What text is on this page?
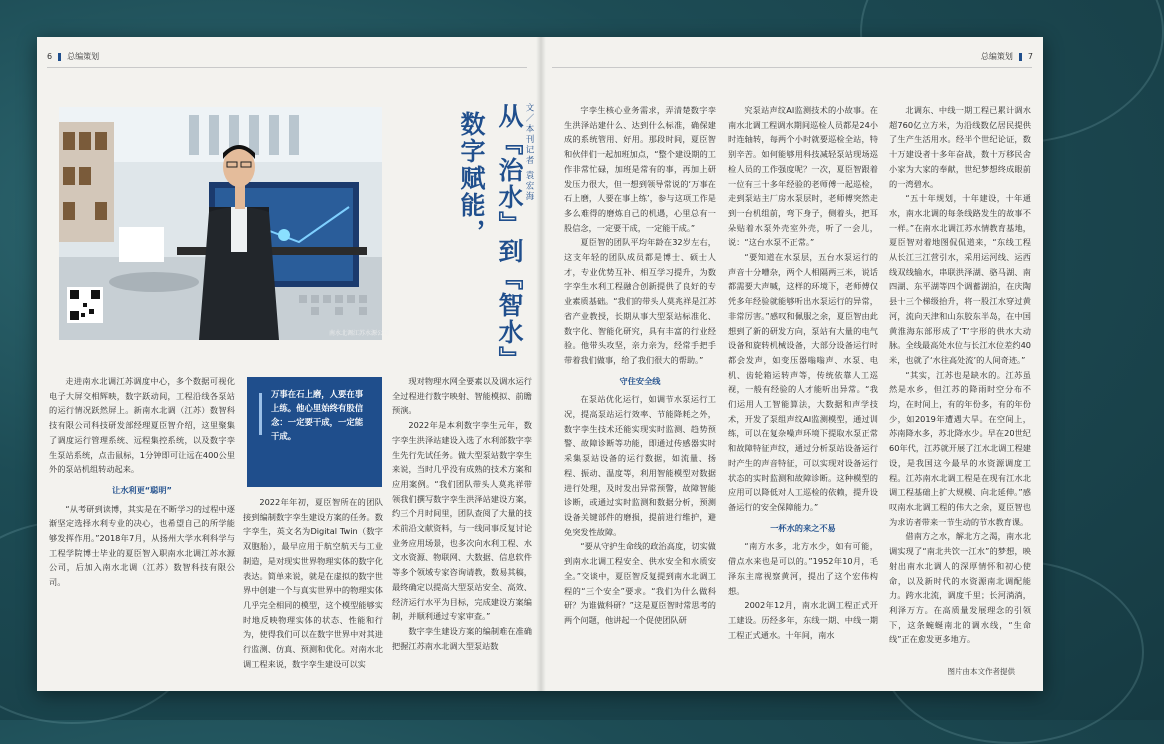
6 总编策划	总编策划 7
南水北调江苏水源公司	从『治水』到『智水』
数字赋能，	文／本刊记者 袁宏海

走进南水北调江苏调度中心，多个数据可视化电子大屏交相辉映，数字跃动间，工程沿线各泵站的运行情况跃然屏上。新南水北调（江苏）数智科技有限公司科技研发部经理夏臣智介绍，这里聚集了调度运行管理系统、远程集控系统，以及数字孪生泵站系统，点击鼠标，1分钟即可让远在400公里外的泵站机组转动起来。

让水利更“聪明”

“从考研到读博，其实是在不断学习的过程中逐渐坚定选择水利专业的决心，也希望自己的所学能够发挥作用。”2018年7月，从扬州大学水利科学与工程学院博士毕业的夏臣智入职南水北调江苏水源公司，后加入南水北调（江苏）数智科技有限公司。

万事在石上磨，人要在事上练。他心里始终有股信念：一定要干成，一定能干成。

2022年年初，夏臣智所在的团队接到编制数字孪生建设方案的任务。数字孪生，英文名为Digital Twin（数字双胞胎），最早应用于航空航天与工业制造，是对现实世界物理实体的数字化表达。简单来说，就是在虚拟的数字世界中创建一个与真实世界中的物理实体几乎完全相同的模型，这个模型能够实时地反映物理实体的状态、性能和行为，使得我们可以在数字世界中对其进行监测、仿真、预测和优化。对南水北调工程来说，数字孪生建设可以实

现对物理水网全要素以及调水运行全过程进行数字映射、智能模拟、前瞻预演。

2022年是本利数字孪生元年，数字孪生洪泽站建设入选了水利部数字孪生先行先试任务。做大型泵站数字孪生来说，当时几乎没有成熟的技术方案和应用案例。“我们团队带头人莫兆祥带领我们撰写数字孪生洪泽站建设方案，约三个月时间里，团队查阅了大量的技术前沿文献资料，与一线同事反复讨论业务应用场景，也多次向水利工程、水文水资源、物联网、大数据、信息软件等多个领域专家咨询请教，数易其稿，最终确定以提高大型泵站安全、高效、经济运行水平为目标，完成建设方案编制，并顺利通过专家审查。”

数字孪生建设方案的编制难在准确把握江苏南水北调大型泵站数

字孪生核心业务需求，弄清楚数字孪生洪泽站建什么、达到什么标准，确保建成的系统管用、好用。那段时间，夏臣智和伙伴们一起加班加点，“整个建设期的工作非常忙碌，加班是常有的事，再加上研发压力很大，但一想到领导常说的‘万事在石上磨，人要在事上练’，参与这项工作是多么难得的磨炼自己的机遇，心里总有一股信念，一定要干成，一定能干成。”

夏臣智的团队平均年龄在32岁左右，这支年轻的团队成员都是博士、硕士人才，专业优势互补、相互学习提升，为数字孪生水利工程融合创新提供了良好的专业素质基础。“我们的带头人莫兆祥是江苏省产业教授，长期从事大型泵站标准化、数字化、智能化研究，具有丰富的行业经验。他带头攻坚，亲力亲为，经常手把手带着我们做事，给了我们很大的帮助。”

守住安全线

在泵站优化运行，如调节水泵运行工况，提高泵站运行效率、节能降耗之外，数字孪生技术还能实现实时监测、趋势预警、故障诊断等功能，即通过传感器实时采集泵站设备的运行数据，如流量、扬程、振动、温度等，利用智能模型对数据进行处理，及时发出异常预警，故障智能诊断，或通过实时监测和数据分析，预测设备关键部件的磨损，提前进行维护，避免突发性故障。

“要从守护生命线的政治高度，切实做到南水北调工程安全、供水安全和水质安全。”交谈中，夏臣智反复提到南水北调工程的“三个安全”要求。“我们为什么做科研？为谁做科研？”这是夏臣智时常思考的两个问题，他讲起一个促使团队研

究泵站声纹AI监测技术的小故事。在南水北调工程调水期间巡检人员都是24小时连轴转，每两个小时就要巡检全站，特别辛苦。如何能够用科技减轻泵站现场巡检人员的工作强度呢？一次，夏臣智跟着一位有三十多年经验的老师傅一起巡检，走到泵站主厂房水泵层时，老师傅突然走到一台机组前，弯下身子，侧着头，把耳朵贴着水泵外壳室外壳，听了一会儿，说：“这台水泵不正常。”

“要知道在水泵层，五台水泵运行的声音十分嘈杂，两个人相隔两三米，说话都需要大声喊，这样的环境下，老师傅仅凭多年经验就能够听出水泵运行的异常，非常厉害。”感叹和佩服之余，夏臣智由此想到了新的研发方向，泵站有大量的电气设备和旋转机械设备，大部分设备运行时都会发声，如变压器嗡嗡声、水泵、电机、齿轮箱运转声等，传统依靠人工巡视，一般有经验的人才能听出异常。“我们运用人工智能算法，大数据和声学技术，开发了泵组声纹AI监测模型，通过训练，可以在复杂噪声环境下提取水泵正常和故障特征声纹，通过分析泵站设备运行时产生的声音特征，可以实现对设备运行状态的实时监测和故障诊断。这种模型的应用可以降低对人工巡检的依赖，提升设备运行的安全保障能力。”

一杯水的来之不易

“南方水多，北方水少，如有可能，借点水来也是可以的。”1952年10月，毛泽东主席视察黄河，提出了这个宏伟构想。

2002年12月，南水北调工程正式开工建设。历经多年，东线一期、中线一期工程正式通水。十年间，南水

北调东、中线一期工程已累计调水超760亿立方米，为沿线数亿居民提供了生产生活用水。经半个世纪论证，数十万建设者十多年奋战，数十万移民舍小家为大家的奉献，世纪梦想终成眼前的一湾碧水。

“五十年规划，十年建设，十年通水，南水北调的每条线路发生的故事不一样。”在南水北调江苏水情教育基地，夏臣智对着地图侃侃道来，“东线工程从长江三江营引水，采用运河线、运西线双线输水，串联洪泽湖、骆马湖、南四湖、东平湖等四个调蓄湖泊，在庆陶县十三个梯级抬升，将一股江水穿过黄河，流向天津和山东胶东半岛，在中国黄淮海东部形成了‘T’字形的供水大动脉。全线最高处水位与长江水位差约40米，也就了‘水往高处流’的人间奇迹。”

“其实，江苏也是缺水的。江苏虽然是水乡，但江苏的降雨时空分布不均，在时间上，有的年份多，有的年份少，如2019年遭遇大旱。在空间上，苏南降水多，苏北降水少。早在20世纪60年代，江苏就开展了江水北调工程建设，是我国这今最早的水资源调度工程。江苏南水北调工程是在现有江水北调工程基础上扩大规模、向北延伸。”感叹南水北调工程的伟大之余，夏臣智也为求访者带来一节生动的节水教育课。

借南方之水，解北方之渴，南水北调实现了“南北共饮一江水”的梦想，映射出南水北调人的深厚情怀和初心使命，以及新时代的水资源南北调配能力。跨水北流，调度千里；长河淌淌，利泽万方。在高质量发展理念的引领下，这条蜿蜒南北的调水线，“生命线”正在愈发更多地方。

图片由本文作者提供
